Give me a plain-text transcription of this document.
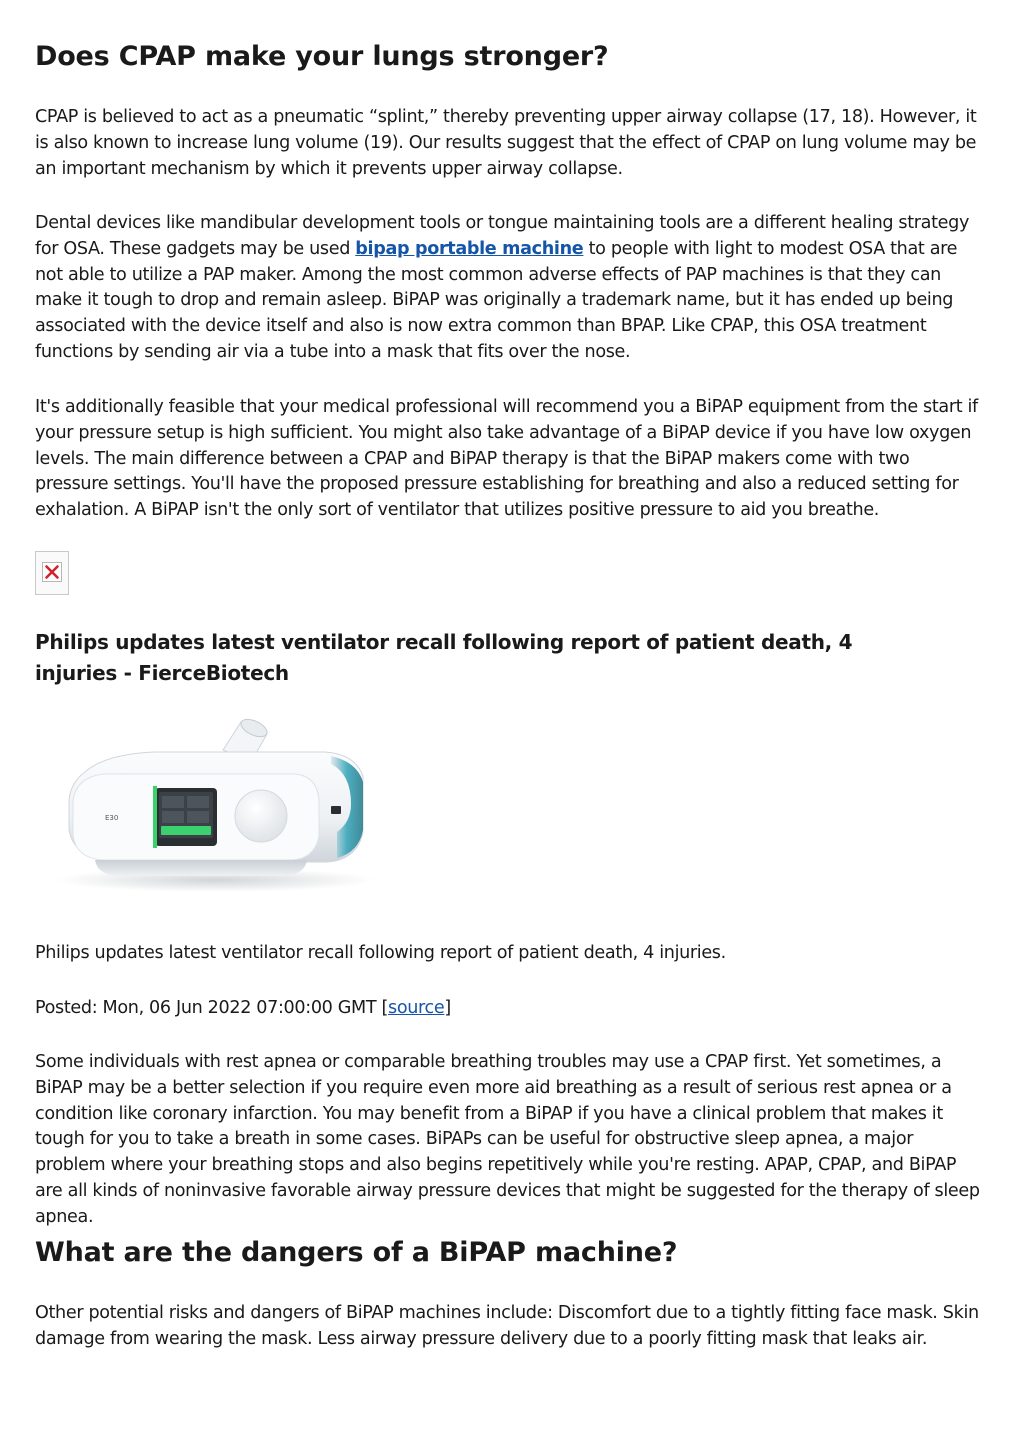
Does CPAP make your lungs stronger?

CPAP is believed to act as a pneumatic “splint,” thereby preventing upper airway collapse (17, 18). However, it is also known to increase lung volume (19). Our results suggest that the effect of CPAP on lung volume may be an important mechanism by which it prevents upper airway collapse.

Dental devices like mandibular development tools or tongue maintaining tools are a different healing strategy for OSA. These gadgets may be used bipap portable machine to people with light to modest OSA that are not able to utilize a PAP maker. Among the most common adverse effects of PAP machines is that they can make it tough to drop and remain asleep. BiPAP was originally a trademark name, but it has ended up being associated with the device itself and also is now extra common than BPAP. Like CPAP, this OSA treatment functions by sending air via a tube into a mask that fits over the nose.

It's additionally feasible that your medical professional will recommend you a BiPAP equipment from the start if your pressure setup is high sufficient. You might also take advantage of a BiPAP device if you have low oxygen levels. The main difference between a CPAP and BiPAP therapy is that the BiPAP makers come with two pressure settings. You'll have the proposed pressure establishing for breathing and also a reduced setting for exhalation. A BiPAP isn't the only sort of ventilator that utilizes positive pressure to aid you breathe.

Philips updates latest ventilator recall following report of patient death, 4 injuries - FierceBiotech
E30

Philips updates latest ventilator recall following report of patient death, 4 injuries.

Posted: Mon, 06 Jun 2022 07:00:00 GMT [source]

Some individuals with rest apnea or comparable breathing troubles may use a CPAP first. Yet sometimes, a BiPAP may be a better selection if you require even more aid breathing as a result of serious rest apnea or a condition like coronary infarction. You may benefit from a BiPAP if you have a clinical problem that makes it tough for you to take a breath in some cases. BiPAPs can be useful for obstructive sleep apnea, a major problem where your breathing stops and also begins repetitively while you're resting. APAP, CPAP, and BiPAP are all kinds of noninvasive favorable airway pressure devices that might be suggested for the therapy of sleep apnea.

What are the dangers of a BiPAP machine?

Other potential risks and dangers of BiPAP machines include: Discomfort due to a tightly fitting face mask. Skin damage from wearing the mask. Less airway pressure delivery due to a poorly fitting mask that leaks air.
